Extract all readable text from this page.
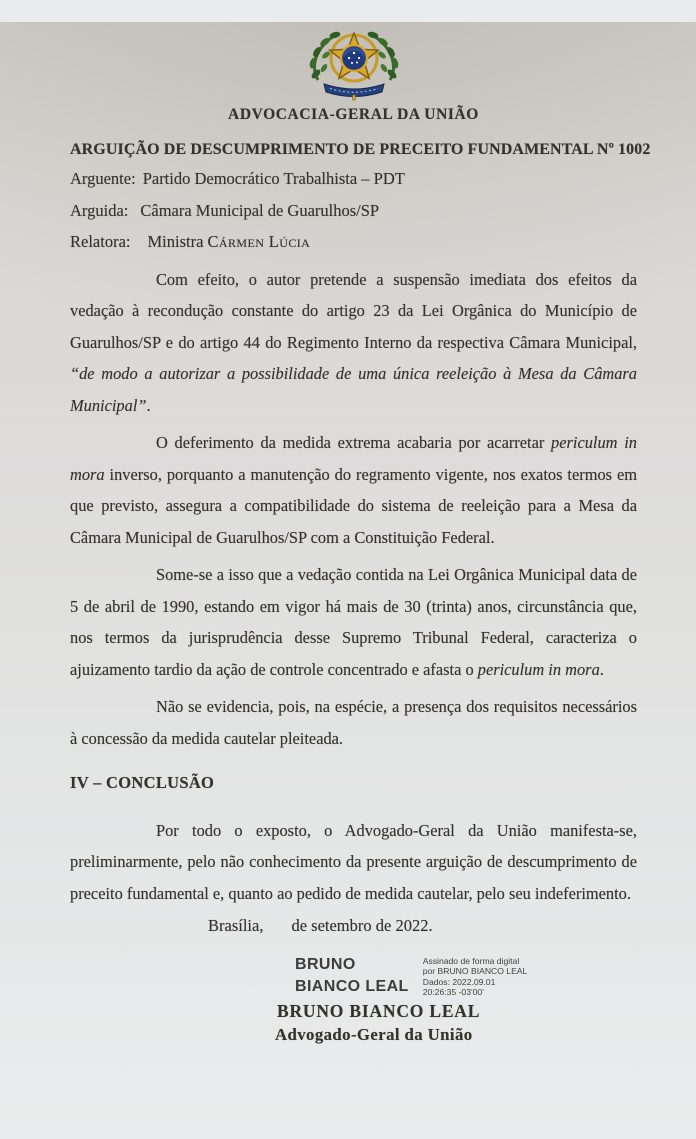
ADVOCACIA-GERAL DA UNIÃO
ARGUIÇÃO DE DESCUMPRIMENTO DE PRECEITO FUNDAMENTAL Nº 1002
Arguente: Partido Democrático Trabalhista – PDT
Arguida: Câmara Municipal de Guarulhos/SP
Relatora: Ministra Cármen Lúcia

Com efeito, o autor pretende a suspensão imediata dos efeitos da vedação à recondução constante do artigo 23 da Lei Orgânica do Município de Guarulhos/SP e do artigo 44 do Regimento Interno da respectiva Câmara Municipal, “de modo a autorizar a possibilidade de uma única reeleição à Mesa da Câmara Municipal”.

O deferimento da medida extrema acabaria por acarretar periculum in mora inverso, porquanto a manutenção do regramento vigente, nos exatos termos em que previsto, assegura a compatibilidade do sistema de reeleição para a Mesa da Câmara Municipal de Guarulhos/SP com a Constituição Federal.

Some-se a isso que a vedação contida na Lei Orgânica Municipal data de 5 de abril de 1990, estando em vigor há mais de 30 (trinta) anos, circunstância que, nos termos da jurisprudência desse Supremo Tribunal Federal, caracteriza o ajuizamento tardio da ação de controle concentrado e afasta o periculum in mora.

Não se evidencia, pois, na espécie, a presença dos requisitos necessários à concessão da medida cautelar pleiteada.

IV – CONCLUSÃO

Por todo o exposto, o Advogado-Geral da União manifesta-se, preliminarmente, pelo não conhecimento da presente arguição de descumprimento de preceito fundamental e, quanto ao pedido de medida cautelar, pelo seu indeferimento.

Brasília, de setembro de 2022.
BRUNO
BIANCO LEAL
Assinado de forma digital
por BRUNO BIANCO LEAL
Dados: 2022.09.01
20:26:35 -03'00'
BRUNO BIANCO LEAL
Advogado-Geral da União
